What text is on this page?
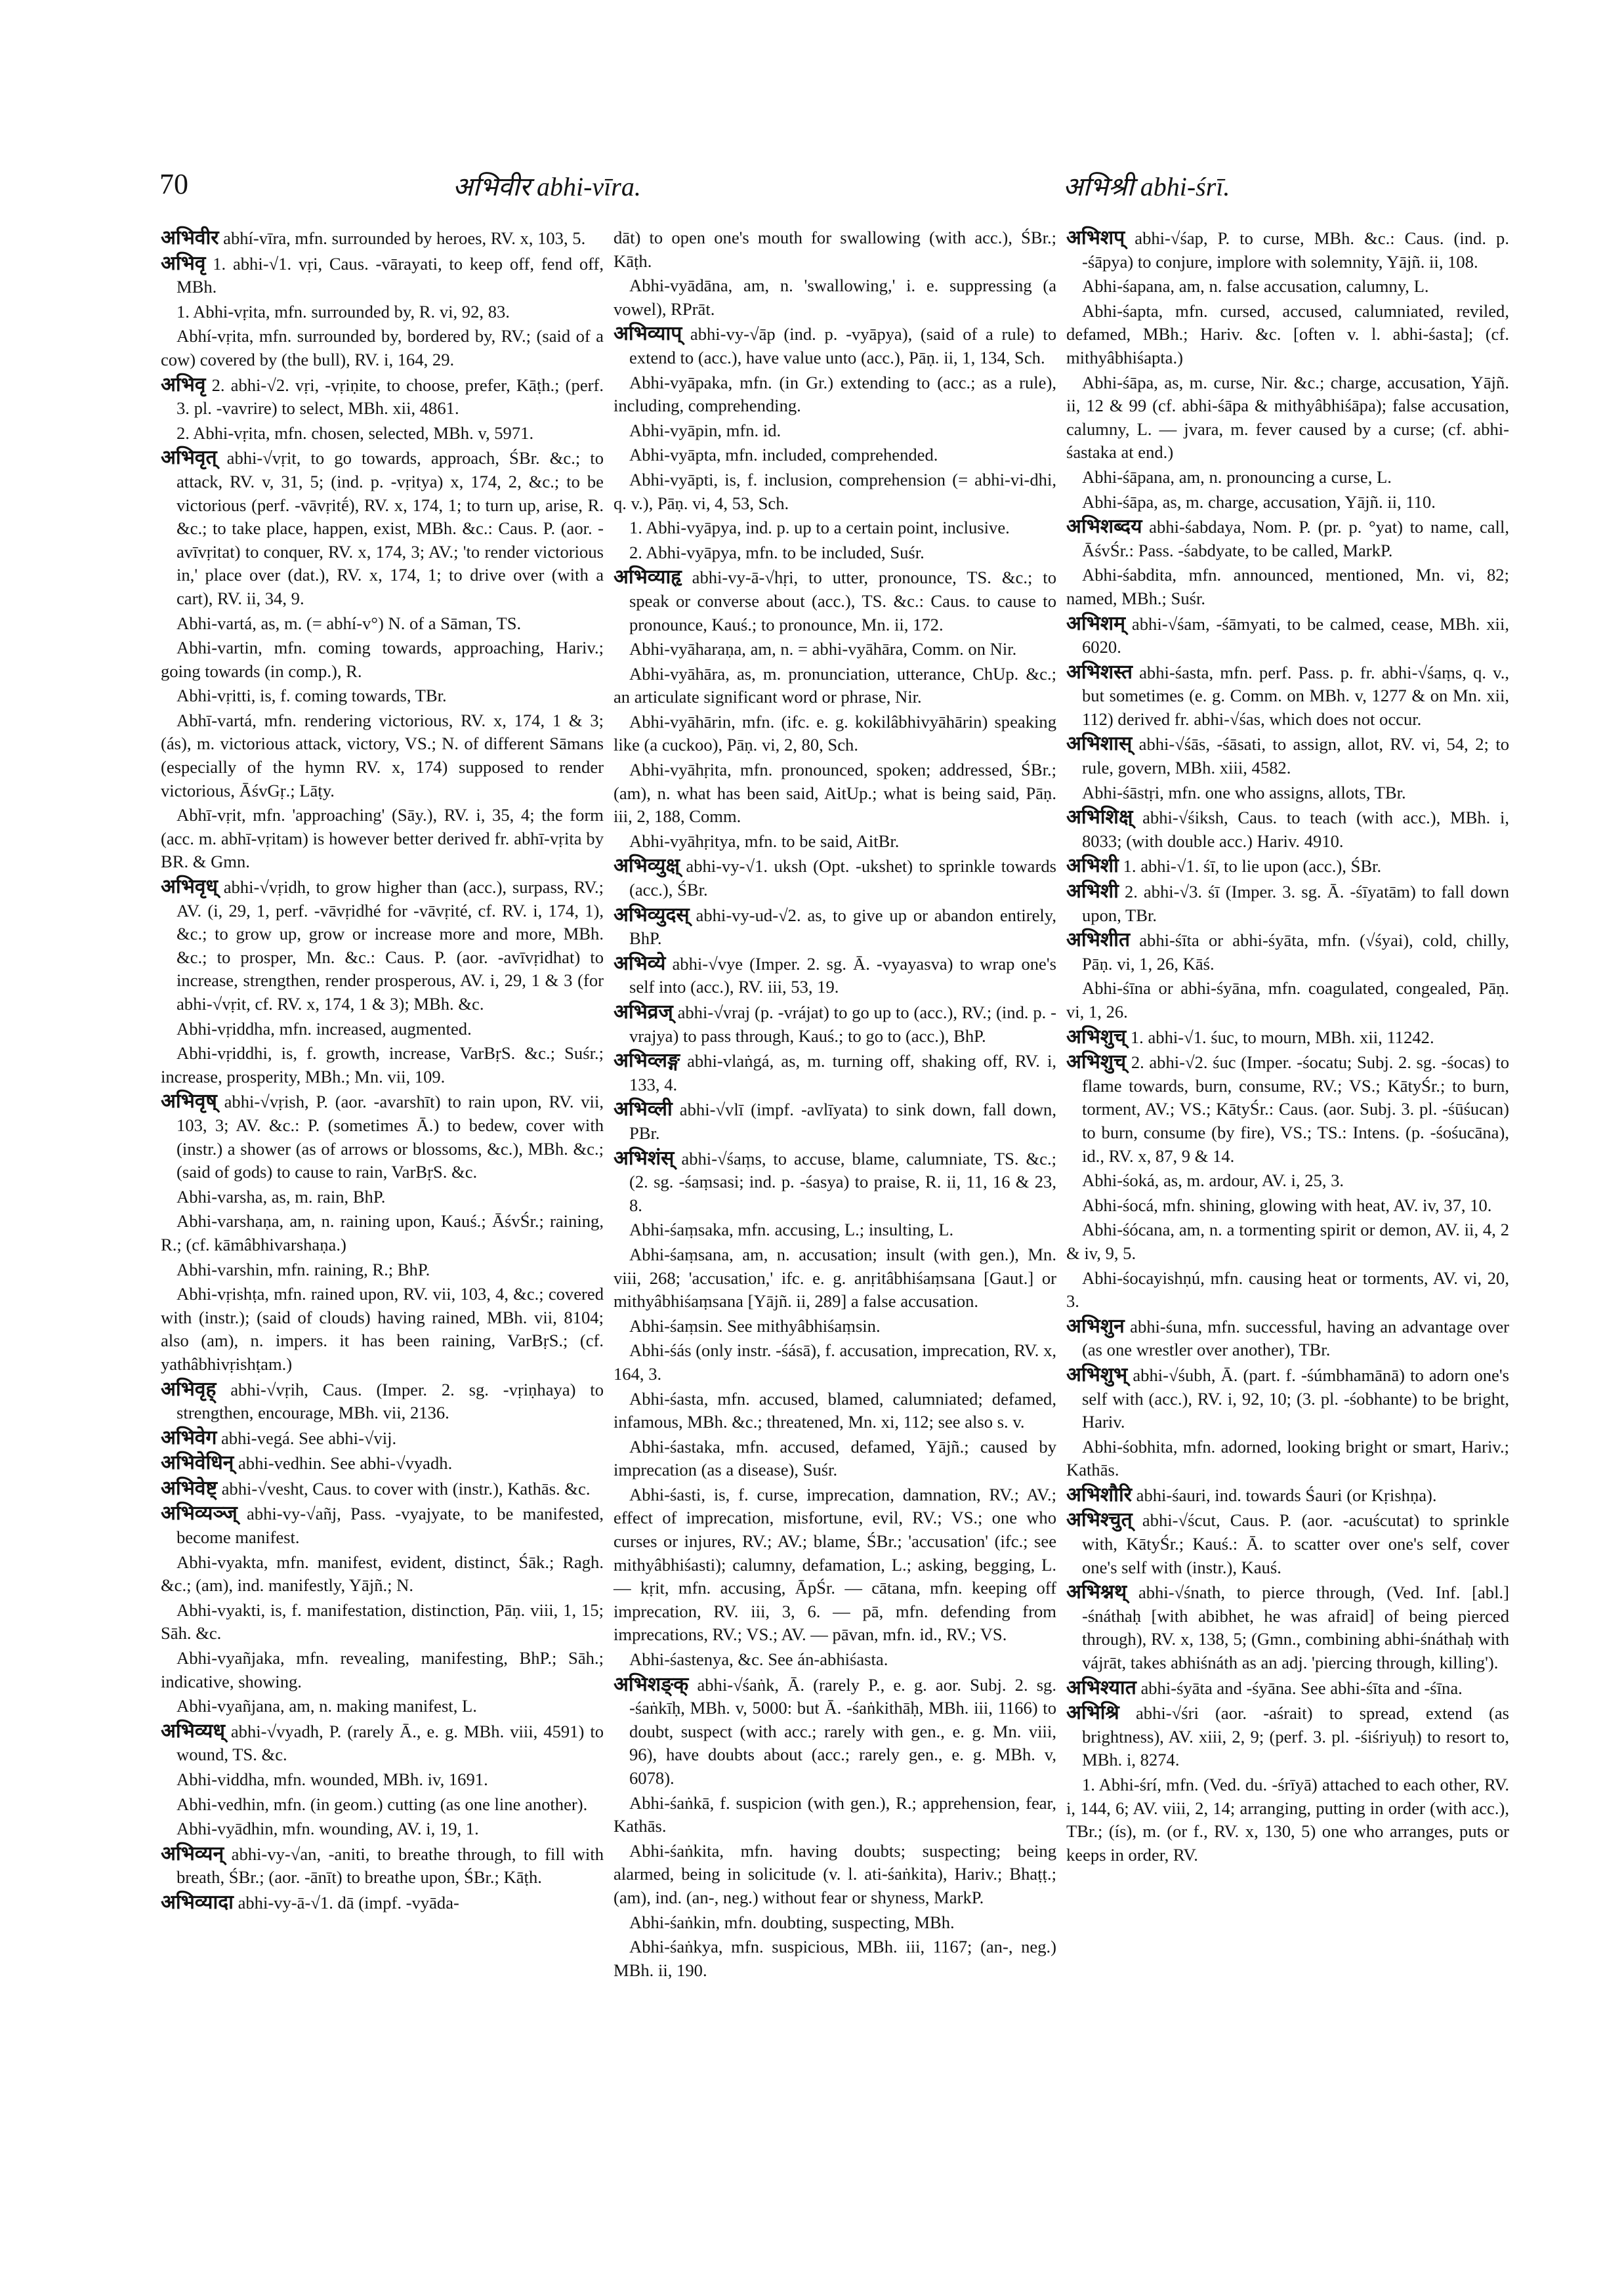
70	अभिवीर abhi-vīra.	अभिश्री abhi-śrī.

अभिवीर abhí-vīra, mfn. surrounded by heroes, RV. x, 103, 5.

अभिवृ 1. abhi-√1. vṛi, Caus. -vārayati, to keep off, fend off, MBh.

1. Abhi-vṛita, mfn. surrounded by, R. vi, 92, 83.

Abhí-vṛita, mfn. surrounded by, bordered by, RV.; (said of a cow) covered by (the bull), RV. i, 164, 29.

अभिवृ 2. abhi-√2. vṛi, -vṛiṇite, to choose, prefer, Kāṭh.; (perf. 3. pl. -vavrire) to select, MBh. xii, 4861.

2. Abhi-vṛita, mfn. chosen, selected, MBh. v, 5971.

अभिवृत् abhi-√vṛit, to go towards, approach, ŚBr. &c.; to attack, RV. v, 31, 5; (ind. p. -vṛitya) x, 174, 2, &c.; to be victorious (perf. -vāvṛitḗ), RV. x, 174, 1; to turn up, arise, R. &c.; to take place, happen, exist, MBh. &c.: Caus. P. (aor. -avīvṛitat) to conquer, RV. x, 174, 3; AV.; 'to render victorious in,' place over (dat.), RV. x, 174, 1; to drive over (with a cart), RV. ii, 34, 9.

Abhi-vartá, as, m. (= abhí-v°) N. of a Sāman, TS.

Abhi-vartin, mfn. coming towards, approaching, Hariv.; going towards (in comp.), R.

Abhi-vṛitti, is, f. coming towards, TBr.

Abhī-vartá, mfn. rendering victorious, RV. x, 174, 1 & 3; (ás), m. victorious attack, victory, VS.; N. of different Sāmans (especially of the hymn RV. x, 174) supposed to render victorious, ĀśvGṛ.; Lāṭy.

Abhī-vṛit, mfn. 'approaching' (Sāy.), RV. i, 35, 4; the form (acc. m. abhī-vṛitam) is however better derived fr. abhī-vṛita by BR. & Gmn.

अभिवृध् abhi-√vṛidh, to grow higher than (acc.), surpass, RV.; AV. (i, 29, 1, perf. -vāvṛidhé for -vāvṛité, cf. RV. i, 174, 1), &c.; to grow up, grow or increase more and more, MBh. &c.; to prosper, Mn. &c.: Caus. P. (aor. -avīvṛidhat) to increase, strengthen, render prosperous, AV. i, 29, 1 & 3 (for abhi-√vṛit, cf. RV. x, 174, 1 & 3); MBh. &c.

Abhi-vṛiddha, mfn. increased, augmented.

Abhi-vṛiddhi, is, f. growth, increase, VarBṛS. &c.; Suśr.; increase, prosperity, MBh.; Mn. vii, 109.

अभिवृष् abhi-√vṛish, P. (aor. -avarshīt) to rain upon, RV. vii, 103, 3; AV. &c.: P. (sometimes Ā.) to bedew, cover with (instr.) a shower (as of arrows or blossoms, &c.), MBh. &c.; (said of gods) to cause to rain, VarBṛS. &c.

Abhi-varsha, as, m. rain, BhP.

Abhi-varshaṇa, am, n. raining upon, Kauś.; ĀśvŚr.; raining, R.; (cf. kāmâbhivarshaṇa.)

Abhi-varshin, mfn. raining, R.; BhP.

Abhi-vṛishṭa, mfn. rained upon, RV. vii, 103, 4, &c.; covered with (instr.); (said of clouds) having rained, MBh. vii, 8104; also (am), n. impers. it has been raining, VarBṛS.; (cf. yathâbhivṛishṭam.)

अभिवृह् abhi-√vṛih, Caus. (Imper. 2. sg. -vṛiṇhaya) to strengthen, encourage, MBh. vii, 2136.

अभिवेग abhi-vegá. See abhi-√vij.

अभिवेधिन् abhi-vedhin. See abhi-√vyadh.

अभिवेष्ट् abhi-√vesht, Caus. to cover with (instr.), Kathās. &c.

अभिव्यञ्ज् abhi-vy-√añj, Pass. -vyajyate, to be manifested, become manifest.

Abhi-vyakta, mfn. manifest, evident, distinct, Śāk.; Ragh. &c.; (am), ind. manifestly, Yājñ.; N.

Abhi-vyakti, is, f. manifestation, distinction, Pāṇ. viii, 1, 15; Sāh. &c.

Abhi-vyañjaka, mfn. revealing, manifesting, BhP.; Sāh.; indicative, showing.

Abhi-vyañjana, am, n. making manifest, L.

अभिव्यध् abhi-√vyadh, P. (rarely Ā., e. g. MBh. viii, 4591) to wound, TS. &c.

Abhi-viddha, mfn. wounded, MBh. iv, 1691.

Abhi-vedhin, mfn. (in geom.) cutting (as one line another).

Abhi-vyādhin, mfn. wounding, AV. i, 19, 1.

अभिव्यन् abhi-vy-√an, -aniti, to breathe through, to fill with breath, ŚBr.; (aor. -ānīt) to breathe upon, ŚBr.; Kāṭh.

अभिव्यादा abhi-vy-ā-√1. dā (impf. -vyāda-

dāt) to open one's mouth for swallowing (with acc.), ŚBr.; Kāṭh.

Abhi-vyādāna, am, n. 'swallowing,' i. e. suppressing (a vowel), RPrāt.

अभिव्याप् abhi-vy-√āp (ind. p. -vyāpya), (said of a rule) to extend to (acc.), have value unto (acc.), Pāṇ. ii, 1, 134, Sch.

Abhi-vyāpaka, mfn. (in Gr.) extending to (acc.; as a rule), including, comprehending.

Abhi-vyāpin, mfn. id.

Abhi-vyāpta, mfn. included, comprehended.

Abhi-vyāpti, is, f. inclusion, comprehension (= abhi-vi-dhi, q. v.), Pāṇ. vi, 4, 53, Sch.

1. Abhi-vyāpya, ind. p. up to a certain point, inclusive.

2. Abhi-vyāpya, mfn. to be included, Suśr.

अभिव्याहृ abhi-vy-ā-√hṛi, to utter, pronounce, TS. &c.; to speak or converse about (acc.), TS. &c.: Caus. to cause to pronounce, Kauś.; to pronounce, Mn. ii, 172.

Abhi-vyāharaṇa, am, n. = abhi-vyāhāra, Comm. on Nir.

Abhi-vyāhāra, as, m. pronunciation, utterance, ChUp. &c.; an articulate significant word or phrase, Nir.

Abhi-vyāhārin, mfn. (ifc. e. g. kokilâbhivyāhārin) speaking like (a cuckoo), Pāṇ. vi, 2, 80, Sch.

Abhi-vyāhṛita, mfn. pronounced, spoken; addressed, ŚBr.; (am), n. what has been said, AitUp.; what is being said, Pāṇ. iii, 2, 188, Comm.

Abhi-vyāhṛitya, mfn. to be said, AitBr.

अभिव्युक्ष् abhi-vy-√1. uksh (Opt. -ukshet) to sprinkle towards (acc.), ŚBr.

अभिव्युदस् abhi-vy-ud-√2. as, to give up or abandon entirely, BhP.

अभिव्ये abhi-√vye (Imper. 2. sg. Ā. -vyayasva) to wrap one's self into (acc.), RV. iii, 53, 19.

अभिव्रज् abhi-√vraj (p. -vrájat) to go up to (acc.), RV.; (ind. p. -vrajya) to pass through, Kauś.; to go to (acc.), BhP.

अभिव्लङ्ग abhi-vlaṅgá, as, m. turning off, shaking off, RV. i, 133, 4.

अभिव्ली abhi-√vlī (impf. -avlīyata) to sink down, fall down, PBr.

अभिशंस् abhi-√śaṃs, to accuse, blame, calumniate, TS. &c.; (2. sg. -śaṃsasi; ind. p. -śasya) to praise, R. ii, 11, 16 & 23, 8.

Abhi-śaṃsaka, mfn. accusing, L.; insulting, L.

Abhi-śaṃsana, am, n. accusation; insult (with gen.), Mn. viii, 268; 'accusation,' ifc. e. g. anṛitâbhiśaṃsana [Gaut.] or mithyâbhiśaṃsana [Yājñ. ii, 289] a false accusation.

Abhi-śaṃsin. See mithyâbhiśaṃsin.

Abhi-śás (only instr. -śásā), f. accusation, imprecation, RV. x, 164, 3.

Abhi-śasta, mfn. accused, blamed, calumniated; defamed, infamous, MBh. &c.; threatened, Mn. xi, 112; see also s. v.

Abhi-śastaka, mfn. accused, defamed, Yājñ.; caused by imprecation (as a disease), Suśr.

Abhi-śasti, is, f. curse, imprecation, damnation, RV.; AV.; effect of imprecation, misfortune, evil, RV.; VS.; one who curses or injures, RV.; AV.; blame, ŚBr.; 'accusation' (ifc.; see mithyâbhiśasti); calumny, defamation, L.; asking, begging, L. — kṛit, mfn. accusing, ĀpŚr. — cātana, mfn. keeping off imprecation, RV. iii, 3, 6. — pā, mfn. defending from imprecations, RV.; VS.; AV. — pāvan, mfn. id., RV.; VS.

Abhi-śastenya, &c. See án-abhiśasta.

अभिशङ्क् abhi-√śaṅk, Ā. (rarely P., e. g. aor. Subj. 2. sg. -śaṅkīḥ, MBh. v, 5000: but Ā. -śaṅkithāḥ, MBh. iii, 1166) to doubt, suspect (with acc.; rarely with gen., e. g. Mn. viii, 96), have doubts about (acc.; rarely gen., e. g. MBh. v, 6078).

Abhi-śaṅkā, f. suspicion (with gen.), R.; apprehension, fear, Kathās.

Abhi-śaṅkita, mfn. having doubts; suspecting; being alarmed, being in solicitude (v. l. ati-śaṅkita), Hariv.; Bhaṭṭ.; (am), ind. (an-, neg.) without fear or shyness, MarkP.

Abhi-śaṅkin, mfn. doubting, suspecting, MBh.

Abhi-śaṅkya, mfn. suspicious, MBh. iii, 1167; (an-, neg.) MBh. ii, 190.

अभिशप् abhi-√śap, P. to curse, MBh. &c.: Caus. (ind. p. -śāpya) to conjure, implore with solemnity, Yājñ. ii, 108.

Abhi-śapana, am, n. false accusation, calumny, L.

Abhi-śapta, mfn. cursed, accused, calumniated, reviled, defamed, MBh.; Hariv. &c. [often v. l. abhi-śasta]; (cf. mithyâbhiśapta.)

Abhi-śāpa, as, m. curse, Nir. &c.; charge, accusation, Yājñ. ii, 12 & 99 (cf. abhi-śāpa & mithyâbhiśāpa); false accusation, calumny, L. — jvara, m. fever caused by a curse; (cf. abhi-śastaka at end.)

Abhi-śāpana, am, n. pronouncing a curse, L.

Abhi-śāpa, as, m. charge, accusation, Yājñ. ii, 110.

अभिशब्दय abhi-śabdaya, Nom. P. (pr. p. °yat) to name, call, ĀśvŚr.: Pass. -śabdyate, to be called, MarkP.

Abhi-śabdita, mfn. announced, mentioned, Mn. vi, 82; named, MBh.; Suśr.

अभिशम् abhi-√śam, -śāmyati, to be calmed, cease, MBh. xii, 6020.

अभिशस्त abhi-śasta, mfn. perf. Pass. p. fr. abhi-√śaṃs, q. v., but sometimes (e. g. Comm. on MBh. v, 1277 & on Mn. xii, 112) derived fr. abhi-√śas, which does not occur.

अभिशास् abhi-√śās, -śāsati, to assign, allot, RV. vi, 54, 2; to rule, govern, MBh. xiii, 4582.

Abhi-śāstṛi, mfn. one who assigns, allots, TBr.

अभिशिक्ष् abhi-√śiksh, Caus. to teach (with acc.), MBh. i, 8033; (with double acc.) Hariv. 4910.

अभिशी 1. abhi-√1. śī, to lie upon (acc.), ŚBr.

अभिशी 2. abhi-√3. śī (Imper. 3. sg. Ā. -śīyatām) to fall down upon, TBr.

अभिशीत abhi-śīta or abhi-śyāta, mfn. (√śyai), cold, chilly, Pāṇ. vi, 1, 26, Kāś.

Abhi-śīna or abhi-śyāna, mfn. coagulated, congealed, Pāṇ. vi, 1, 26.

अभिशुच् 1. abhi-√1. śuc, to mourn, MBh. xii, 11242.

अभिशुच् 2. abhi-√2. śuc (Imper. -śocatu; Subj. 2. sg. -śocas) to flame towards, burn, consume, RV.; VS.; KātyŚr.; to burn, torment, AV.; VS.; KātyŚr.: Caus. (aor. Subj. 3. pl. -śūśucan) to burn, consume (by fire), VS.; TS.: Intens. (p. -śośucāna), id., RV. x, 87, 9 & 14.

Abhi-śoká, as, m. ardour, AV. i, 25, 3.

Abhi-śocá, mfn. shining, glowing with heat, AV. iv, 37, 10.

Abhi-śócana, am, n. a tormenting spirit or demon, AV. ii, 4, 2 & iv, 9, 5.

Abhi-śocayishṇú, mfn. causing heat or torments, AV. vi, 20, 3.

अभिशुन abhi-śuna, mfn. successful, having an advantage over (as one wrestler over another), TBr.

अभिशुभ् abhi-√śubh, Ā. (part. f. -śúmbhamānā) to adorn one's self with (acc.), RV. i, 92, 10; (3. pl. -śobhante) to be bright, Hariv.

Abhi-śobhita, mfn. adorned, looking bright or smart, Hariv.; Kathās.

अभिशौरि abhi-śauri, ind. towards Śauri (or Kṛishṇa).

अभिश्चुत् abhi-√ścut, Caus. P. (aor. -acuścutat) to sprinkle with, KātyŚr.; Kauś.: Ā. to scatter over one's self, cover one's self with (instr.), Kauś.

अभिश्नथ् abhi-√śnath, to pierce through, (Ved. Inf. [abl.] -śnáthaḥ [with abibhet, he was afraid] of being pierced through), RV. x, 138, 5; (Gmn., combining abhi-śnáthaḥ with vájrāt, takes abhiśnáth as an adj. 'piercing through, killing').

अभिश्यात abhi-śyāta and -śyāna. See abhi-śīta and -śīna.

अभिश्रि abhi-√śri (aor. -aśrait) to spread, extend (as brightness), AV. xiii, 2, 9; (perf. 3. pl. -śiśriyuḥ) to resort to, MBh. i, 8274.

1. Abhi-śrí, mfn. (Ved. du. -śrīyā) attached to each other, RV. i, 144, 6; AV. viii, 2, 14; arranging, putting in order (with acc.), TBr.; (ís), m. (or f., RV. x, 130, 5) one who arranges, puts or keeps in order, RV.
